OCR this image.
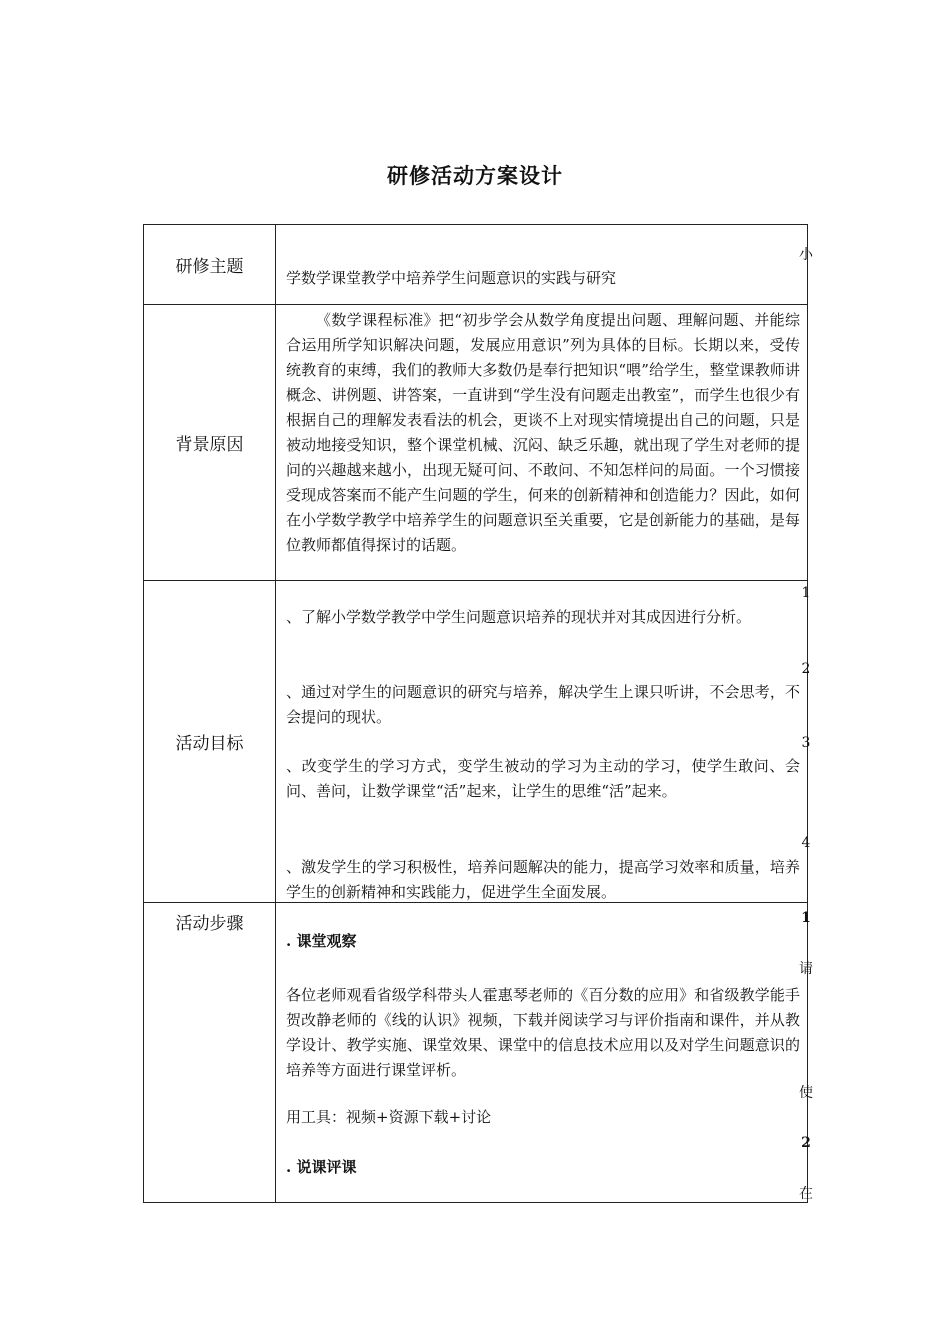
研修活动方案设计
研修主题
小
学数学课堂教学中培养学生问题意识的实践与研究
背景原因
《数学课程标准》把“初步学会从数学角度提出问题、理解问题、并能综合运用所学知识解决问题，发展应用意识”列为具体的目标。长期以来，受传统教育的束缚，我们的教师大多数仍是奉行把知识“喂”给学生，整堂课教师讲概念、讲例题、讲答案，一直讲到“学生没有问题走出教室”，而学生也很少有根据自己的理解发表看法的机会，更谈不上对现实情境提出自己的问题，只是被动地接受知识，整个课堂机械、沉闷、缺乏乐趣，就出现了学生对老师的提问的兴趣越来越小，出现无疑可问、不敢问、不知怎样问的局面。一个习惯接受现成答案而不能产生问题的学生，何来的创新精神和创造能力？因此，如何在小学数学教学中培养学生的问题意识至关重要，它是创新能力的基础，是每位教师都值得探讨的话题。
活动目标
1
、了解小学数学教学中学生问题意识培养的现状并对其成因进行分析。
2
、通过对学生的问题意识的研究与培养，解决学生上课只听讲，不会思考，不会提问的现状。
3
、改变学生的学习方式，变学生被动的学习为主动的学习，使学生敢问、会问、善问，让数学课堂“活”起来，让学生的思维“活”起来。
4
、激发学生的学习积极性，培养问题解决的能力，提高学习效率和质量，培养学生的创新精神和实践能力，促进学生全面发展。
活动步骤	1
. 课堂观察
请
各位老师观看省级学科带头人霍惠琴老师的《百分数的应用》和省级教学能手贺改静老师的《线的认识》视频，下载并阅读学习与评价指南和课件，并从教学设计、教学实施、课堂效果、课堂中的信息技术应用以及对学生问题意识的培养等方面进行课堂评析。
使
用工具：视频+资源下载+讨论
2
. 说课评课
在
